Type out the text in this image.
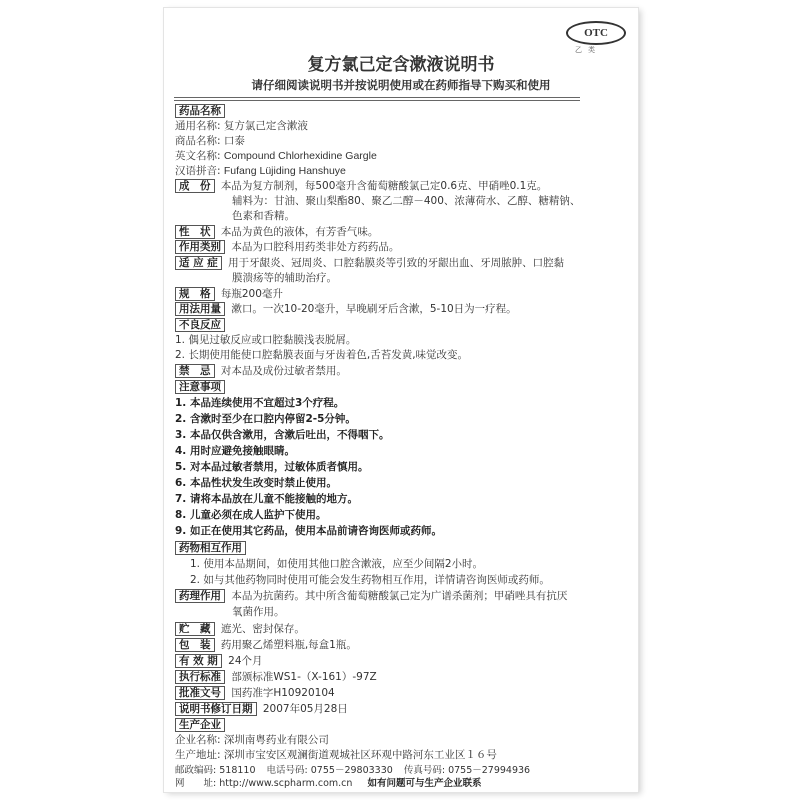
OTC
乙类
复方氯己定含漱液说明书
请仔细阅读说明书并按说明使用或在药师指导下购买和使用
药品名称
通用名称: 复方氯己定含漱液
商品名称: 口泰
英文名称: Compound Chlorhexidine Gargle
汉语拼音: Fufang Lüjiding Hanshuye
成　份 本品为复方制剂，每500毫升含葡萄糖酸氯己定0.6克、甲硝唑0.1克。
辅料为：甘油、聚山梨酯80、聚乙二醇－400、浓薄荷水、乙醇、糖精钠、
色素和香精。
性　状 本品为黄色的液体，有芳香气味。
作用类别 本品为口腔科用药类非处方药药品。
适 应 症 用于牙龈炎、冠周炎、口腔黏膜炎等引致的牙龈出血、牙周脓肿、口腔黏
膜溃疡等的辅助治疗。
规　格 每瓶200毫升
用法用量 漱口。一次10-20毫升，早晚刷牙后含漱，5-10日为一疗程。
不良反应
1. 偶见过敏反应或口腔黏膜浅表脱屑。
2. 长期使用能使口腔黏膜表面与牙齿着色,舌苔发黄,味觉改变。
禁　忌 对本品及成份过敏者禁用。
注意事项
1. 本品连续使用不宜超过3个疗程。
2. 含漱时至少在口腔内停留2-5分钟。
3. 本品仅供含漱用，含漱后吐出，不得咽下。
4. 用时应避免接触眼睛。
5. 对本品过敏者禁用，过敏体质者慎用。
6. 本品性状发生改变时禁止使用。
7. 请将本品放在儿童不能接触的地方。
8. 儿童必须在成人监护下使用。
9. 如正在使用其它药品，使用本品前请咨询医师或药师。
药物相互作用
1. 使用本品期间，如使用其他口腔含漱液，应至少间隔2小时。
2. 如与其他药物同时使用可能会发生药物相互作用，详情请咨询医师或药师。
药理作用 本品为抗菌药。其中所含葡萄糖酸氯己定为广谱杀菌剂；甲硝唑具有抗厌
氧菌作用。
贮　藏 遮光、密封保存。
包　装 药用聚乙烯塑料瓶,每盒1瓶。
有 效 期 24个月
执行标准 部颁标准WS1-（X-161）-97Z
批准文号 国药准字H10920104
说明书修订日期 2007年05月28日
生产企业
企业名称: 深圳南粤药业有限公司
生产地址: 深圳市宝安区观澜街道观城社区环观中路河东工业区１６号
邮政编码: 518110 电话号码: 0755－29803330 传真号码: 0755－27994936
网　　址: http://www.scpharm.com.cn 如有问题可与生产企业联系
